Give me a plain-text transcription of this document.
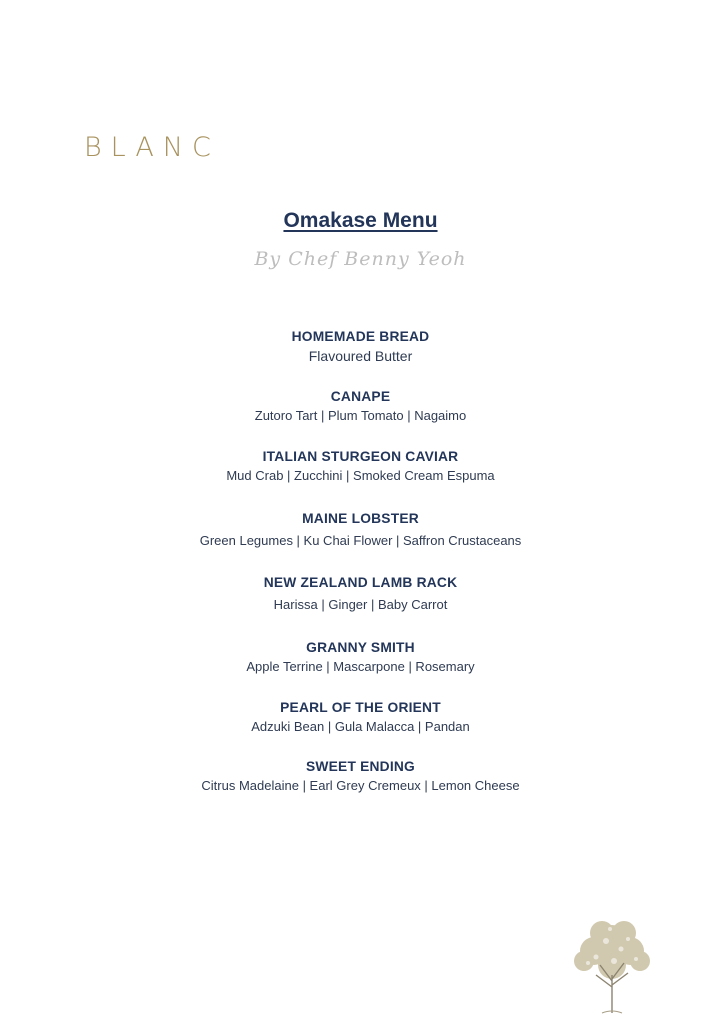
BLANC
Omakase Menu
By Chef Benny Yeoh
HOMEMADE BREAD
Flavoured Butter
CANAPE
Zutoro Tart | Plum Tomato | Nagaimo
ITALIAN STURGEON CAVIAR
Mud Crab | Zucchini | Smoked Cream Espuma
MAINE LOBSTER
Green Legumes | Ku Chai Flower | Saffron Crustaceans
NEW ZEALAND LAMB RACK
Harissa | Ginger | Baby Carrot
GRANNY SMITH
Apple Terrine | Mascarpone | Rosemary
PEARL OF THE ORIENT
Adzuki Bean | Gula Malacca | Pandan
SWEET ENDING
Citrus Madelaine | Earl Grey Cremeux | Lemon Cheese
